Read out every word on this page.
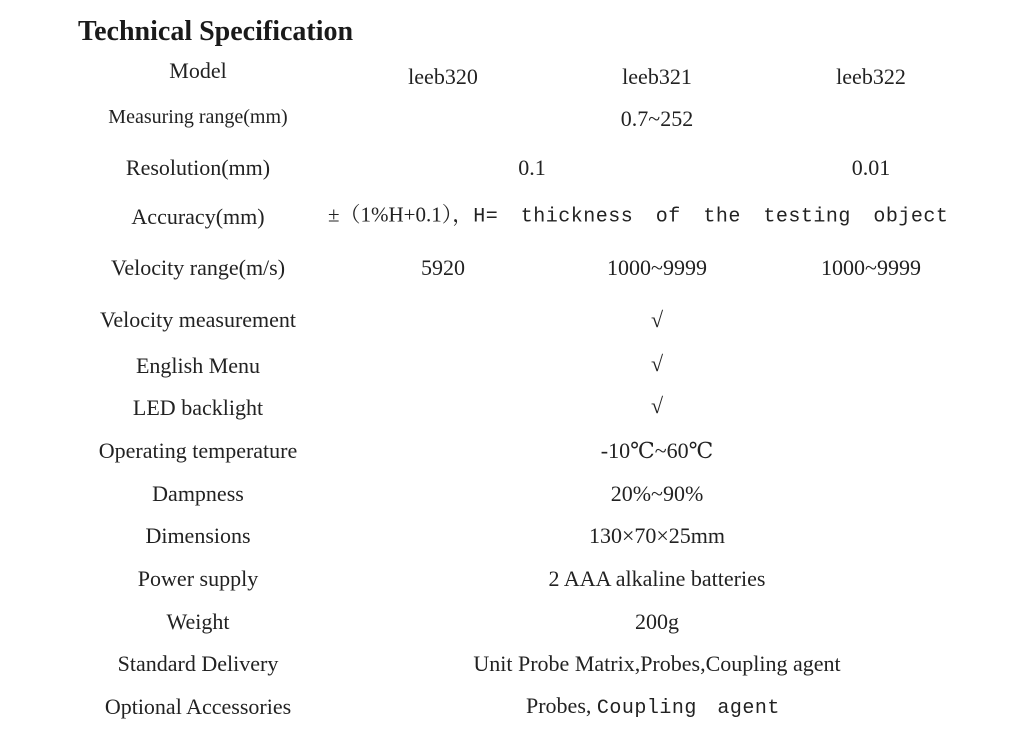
Technical Specification
Model	leeb320	leeb321	leeb322
Measuring range(mm)	0.7~252
Resolution(mm)	0.1	0.01
Accuracy(mm)	±（1%H+0.1），H= thickness of the testing object
Velocity range(m/s)	5920	1000~9999	1000~9999
Velocity measurement	√
English Menu	√
LED backlight	√
Operating temperature	-10℃~60℃
Dampness	20%~90%
Dimensions	130×70×25mm
Power supply	2 AAA alkaline batteries
Weight	200g
Standard Delivery	Unit Probe Matrix,Probes,Coupling agent
Optional Accessories	Probes, Coupling agent
